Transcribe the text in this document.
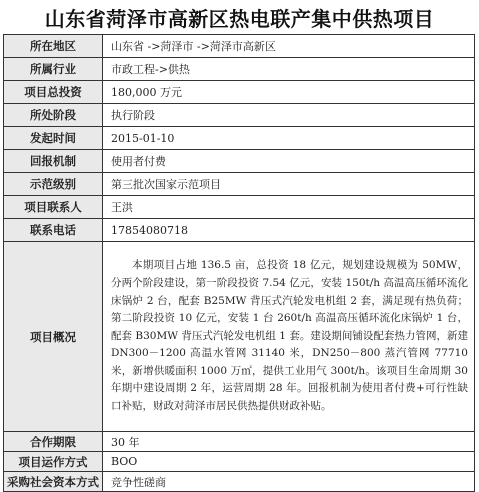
山东省菏泽市高新区热电联产集中供热项目
所在地区	山东省 ->菏泽市 ->菏泽市高新区
所属行业	市政工程->供热
项目总投资	180,000 万元
所处阶段	执行阶段
发起时间	2015-01-10
回报机制	使用者付费
示范级别	第三批次国家示范项目
项目联系人	王洪
联系电话	17854080718
项目概况	本期项目占地 136.5 亩，总投资 18 亿元，规划建设规模为 50MW，分两个阶段建设，第一阶段投资 7.54 亿元，安装 150t/h 高温高压循环流化床锅炉 2 台，配套 B25MW 背压式汽轮发电机组 2 套，满足现有热负荷；第二阶段投资 10 亿元，安装 1 台 260t/h 高温高压循环流化床锅炉 1 台，配套 B30MW 背压式汽轮发电机组 1 套。建设期间铺设配套热力管网，新建 DN300－1200 高温水管网 31140 米，DN250－800 蒸汽管网 77710 米，新增供暖面积 1000 万㎡，提供工业用气 300t/h。该项目生命周期 30 年期中建设周期 2 年，运营周期 28 年。回报机制为使用者付费+可行性缺口补贴，财政对菏泽市居民供热提供财政补贴。
合作期限	30 年
项目运作方式	BOO
采购社会资本方式	竞争性磋商
